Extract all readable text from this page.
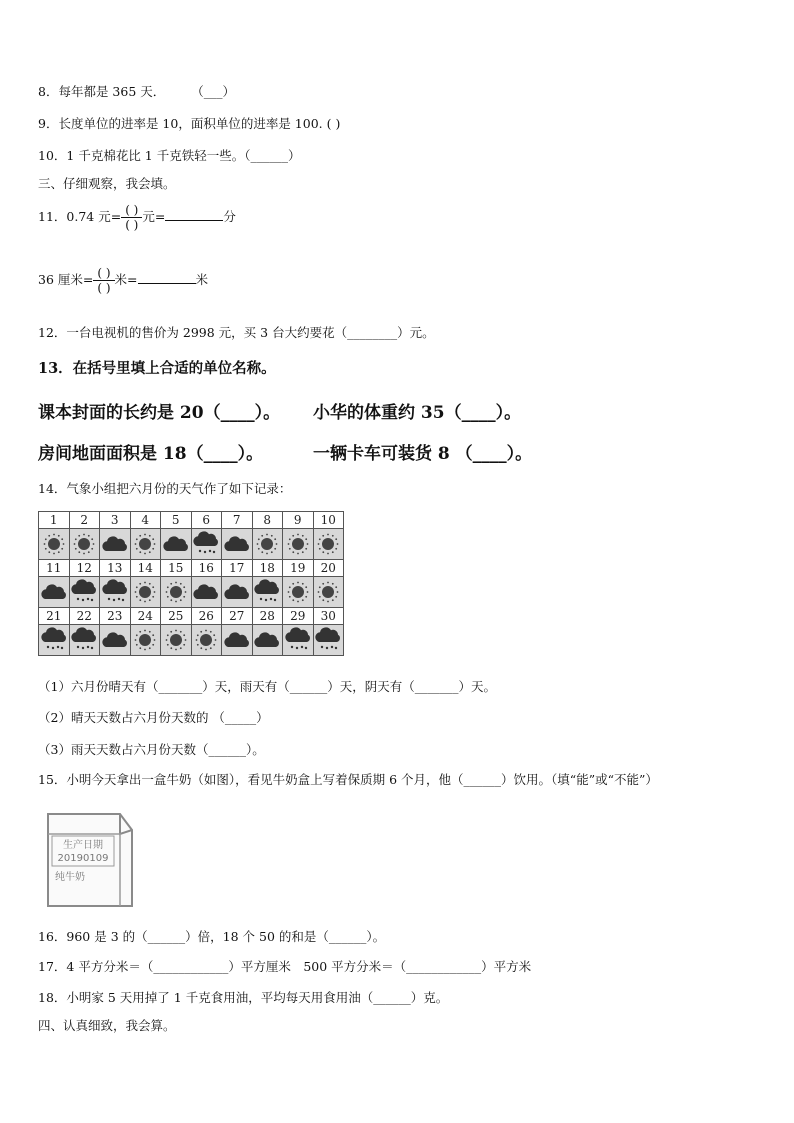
8．每年都是 365 天． （___）
9．长度单位的进率是 10，面积单位的进率是 100. ( )
10．1 千克棉花比 1 千克铁轻一些。（______）
三、仔细观察，我会填。
11．0.74 元= $\frac{( )}{( )}$ 元=	分
36 厘米= $\frac{( )}{( )}$ 米=	米
12．一台电视机的售价为 2998 元，买 3 台大约要花（________）元。
13．在括号里填上合适的单位名称。
课本封面的长约是 20（____）。 小华的体重约 35（____）。
房间地面面积是 18（____）。	一辆卡车可装货 8 （____）。
14．气象小组把六月份的天气作了如下记录：
1	2	3	4	5	6	7	8	9	10

11	12	13	14	15	16	17	18	19	20

21	22	23	24	25	26	27	28	29	30

（1）六月份晴天有（_______）天，雨天有（______）天，阴天有（_______）天。
（2）晴天天数占六月份天数的 （_____）
（3）雨天天数占六月份天数（______）。
15．小明今天拿出一盒牛奶（如图），看见牛奶盒上写着保质期 6 个月，他（______）饮用。（填“能”或“不能”）
生产日期
20190109
纯牛奶
16．960 是 3 的（______）倍，18 个 50 的和是（______）。
17．4 平方分米＝（____________）平方厘米　500 平方分米＝（____________）平方米
18．小明家 5 天用掉了 1 千克食用油，平均每天用食用油（______）克。
四、认真细致，我会算。
